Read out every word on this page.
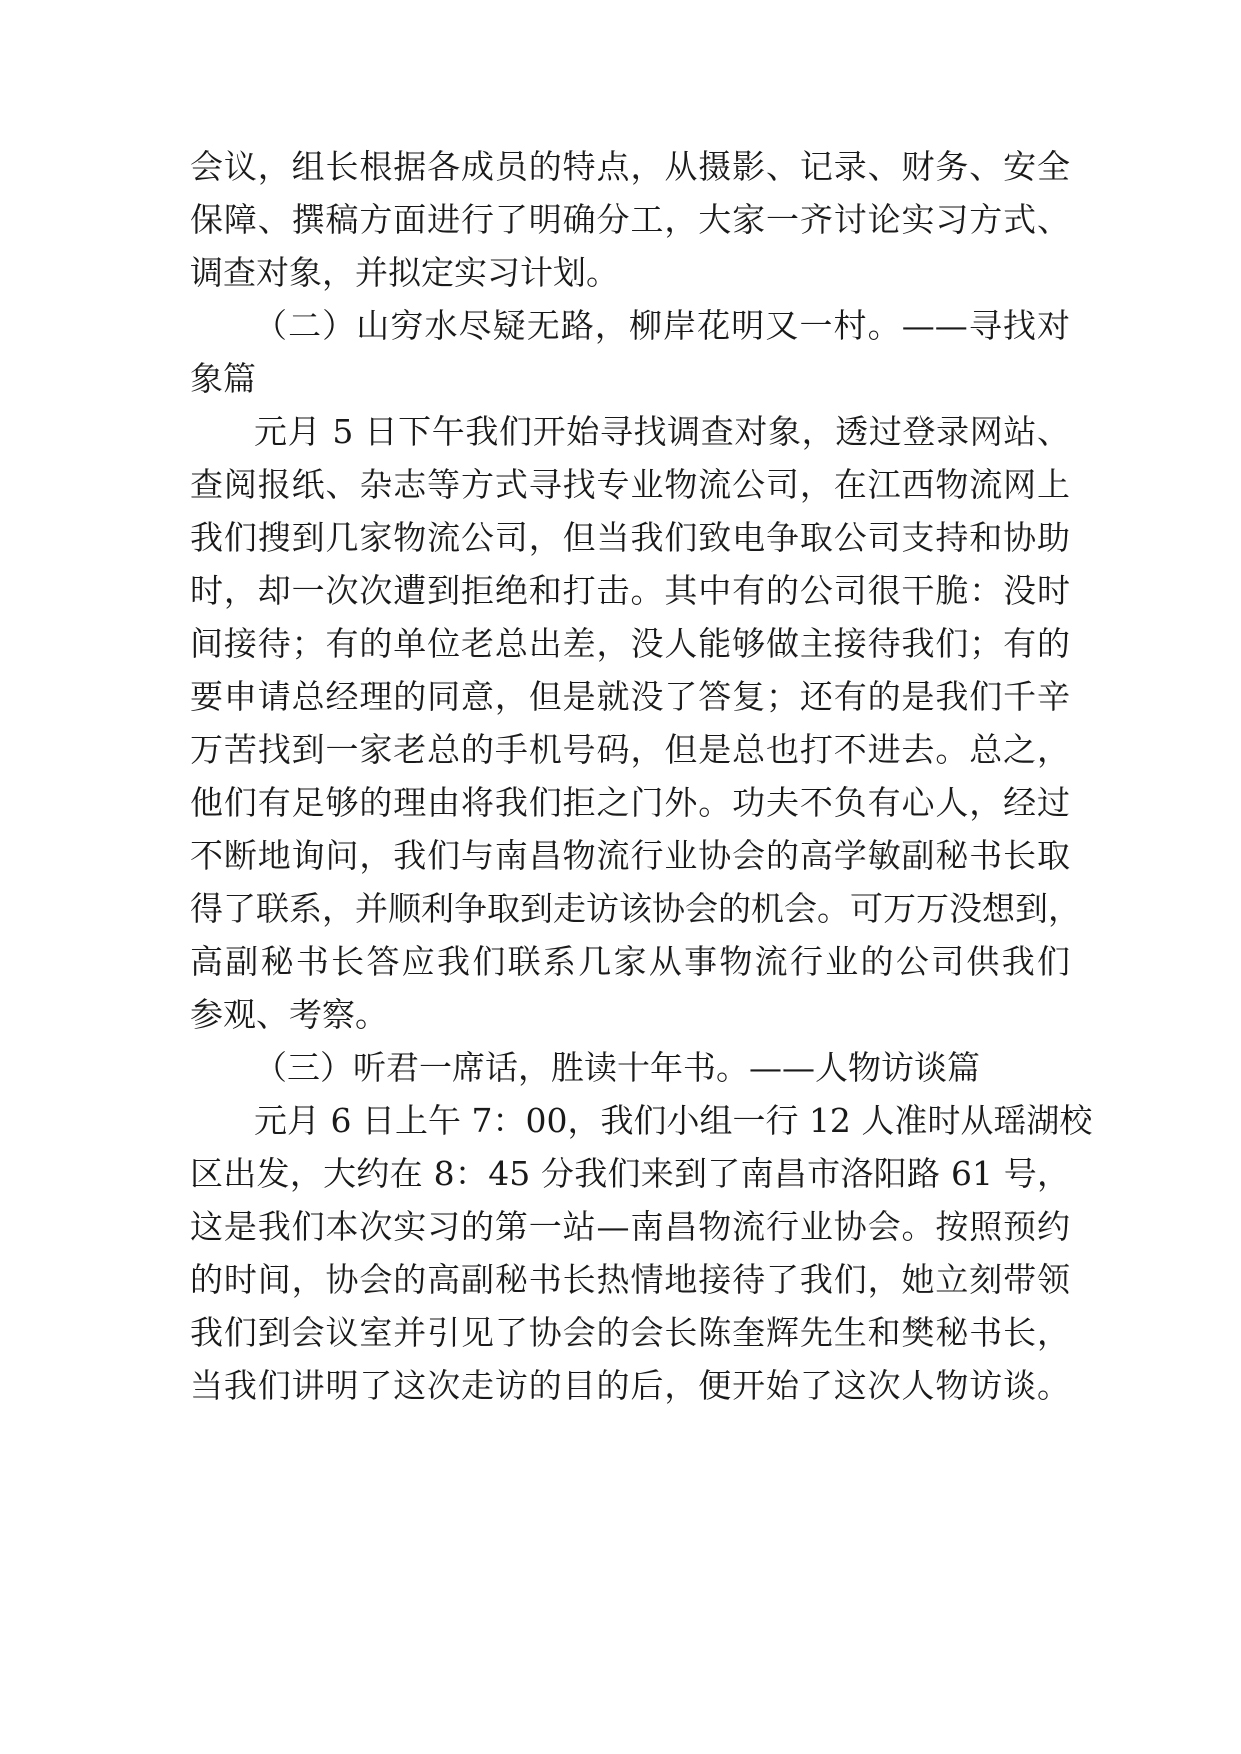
会议，组长根据各成员的特点，从摄影、记录、财务、安全

保障、撰稿方面进行了明确分工，大家一齐讨论实习方式、

调查对象，并拟定实习计划。

（二）山穷水尽疑无路，柳岸花明又一村。——寻找对

象篇

元月 5 日下午我们开始寻找调查对象，透过登录网站、

查阅报纸、杂志等方式寻找专业物流公司，在江西物流网上

我们搜到几家物流公司，但当我们致电争取公司支持和协助

时，却一次次遭到拒绝和打击。其中有的公司很干脆：没时

间接待；有的单位老总出差，没人能够做主接待我们；有的

要申请总经理的同意，但是就没了答复；还有的是我们千辛

万苦找到一家老总的手机号码，但是总也打不进去。总之，

他们有足够的理由将我们拒之门外。功夫不负有心人，经过

不断地询问，我们与南昌物流行业协会的高学敏副秘书长取

得了联系，并顺利争取到走访该协会的机会。可万万没想到，

高副秘书长答应我们联系几家从事物流行业的公司供我们

参观、考察。

（三）听君一席话，胜读十年书。——人物访谈篇

元月 6 日上午 7：00，我们小组一行 12 人准时从瑶湖校

区出发，大约在 8：45 分我们来到了南昌市洛阳路 61 号，

这是我们本次实习的第一站—南昌物流行业协会。按照预约

的时间，协会的高副秘书长热情地接待了我们，她立刻带领

我们到会议室并引见了协会的会长陈奎辉先生和樊秘书长，

当我们讲明了这次走访的目的后，便开始了这次人物访谈。
